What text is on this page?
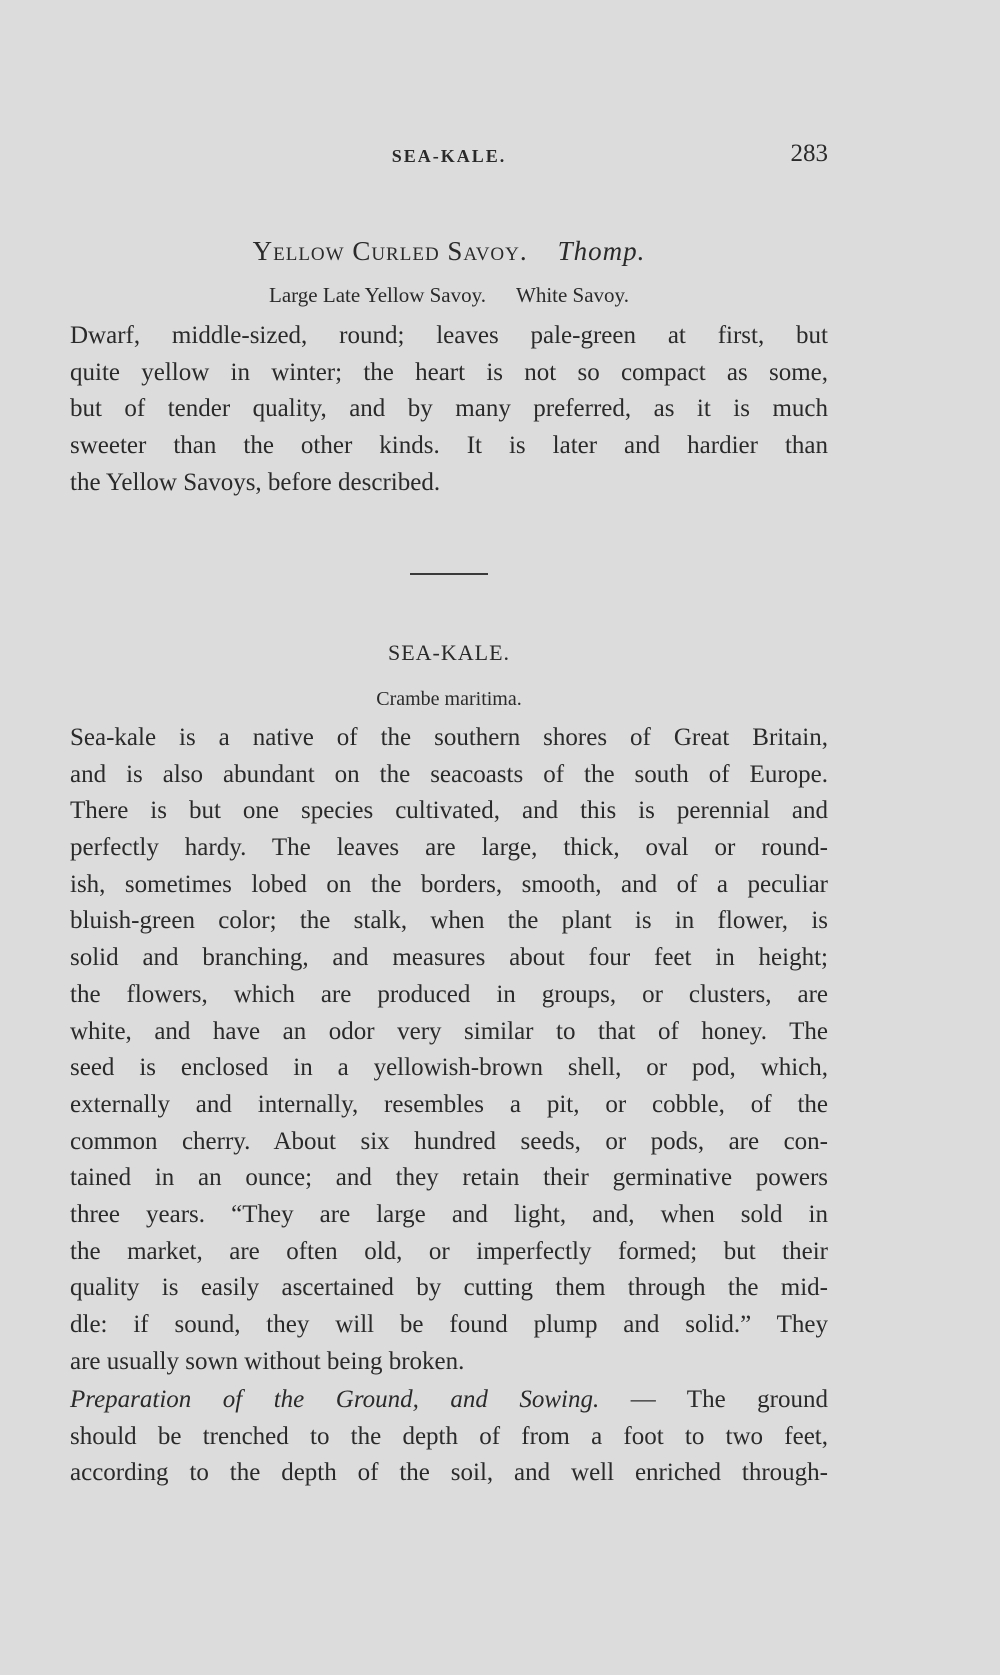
SEA-KALE.	283
Yellow Curled Savoy. Thomp.
Large Late Yellow Savoy. White Savoy.

Dwarf, middle-sized, round; leaves pale-green at first, but
quite yellow in winter; the heart is not so compact as some,
but of tender quality, and by many preferred, as it is much
sweeter than the other kinds. It is later and hardier than
the Yellow Savoys, before described.

SEA-KALE.
Crambe maritima.

Sea-kale is a native of the southern shores of Great Britain,
and is also abundant on the seacoasts of the south of Europe.
There is but one species cultivated, and this is perennial and
perfectly hardy. The leaves are large, thick, oval or round-
ish, sometimes lobed on the borders, smooth, and of a peculiar
bluish-green color; the stalk, when the plant is in flower, is
solid and branching, and measures about four feet in height;
the flowers, which are produced in groups, or clusters, are
white, and have an odor very similar to that of honey. The
seed is enclosed in a yellowish-brown shell, or pod, which,
externally and internally, resembles a pit, or cobble, of the
common cherry. About six hundred seeds, or pods, are con-
tained in an ounce; and they retain their germinative powers
three years. “They are large and light, and, when sold in
the market, are often old, or imperfectly formed; but their
quality is easily ascertained by cutting them through the mid-
dle: if sound, they will be found plump and solid.” They
are usually sown without being broken.

Preparation of the Ground, and Sowing. — The ground
should be trenched to the depth of from a foot to two feet,
according to the depth of the soil, and well enriched through-
